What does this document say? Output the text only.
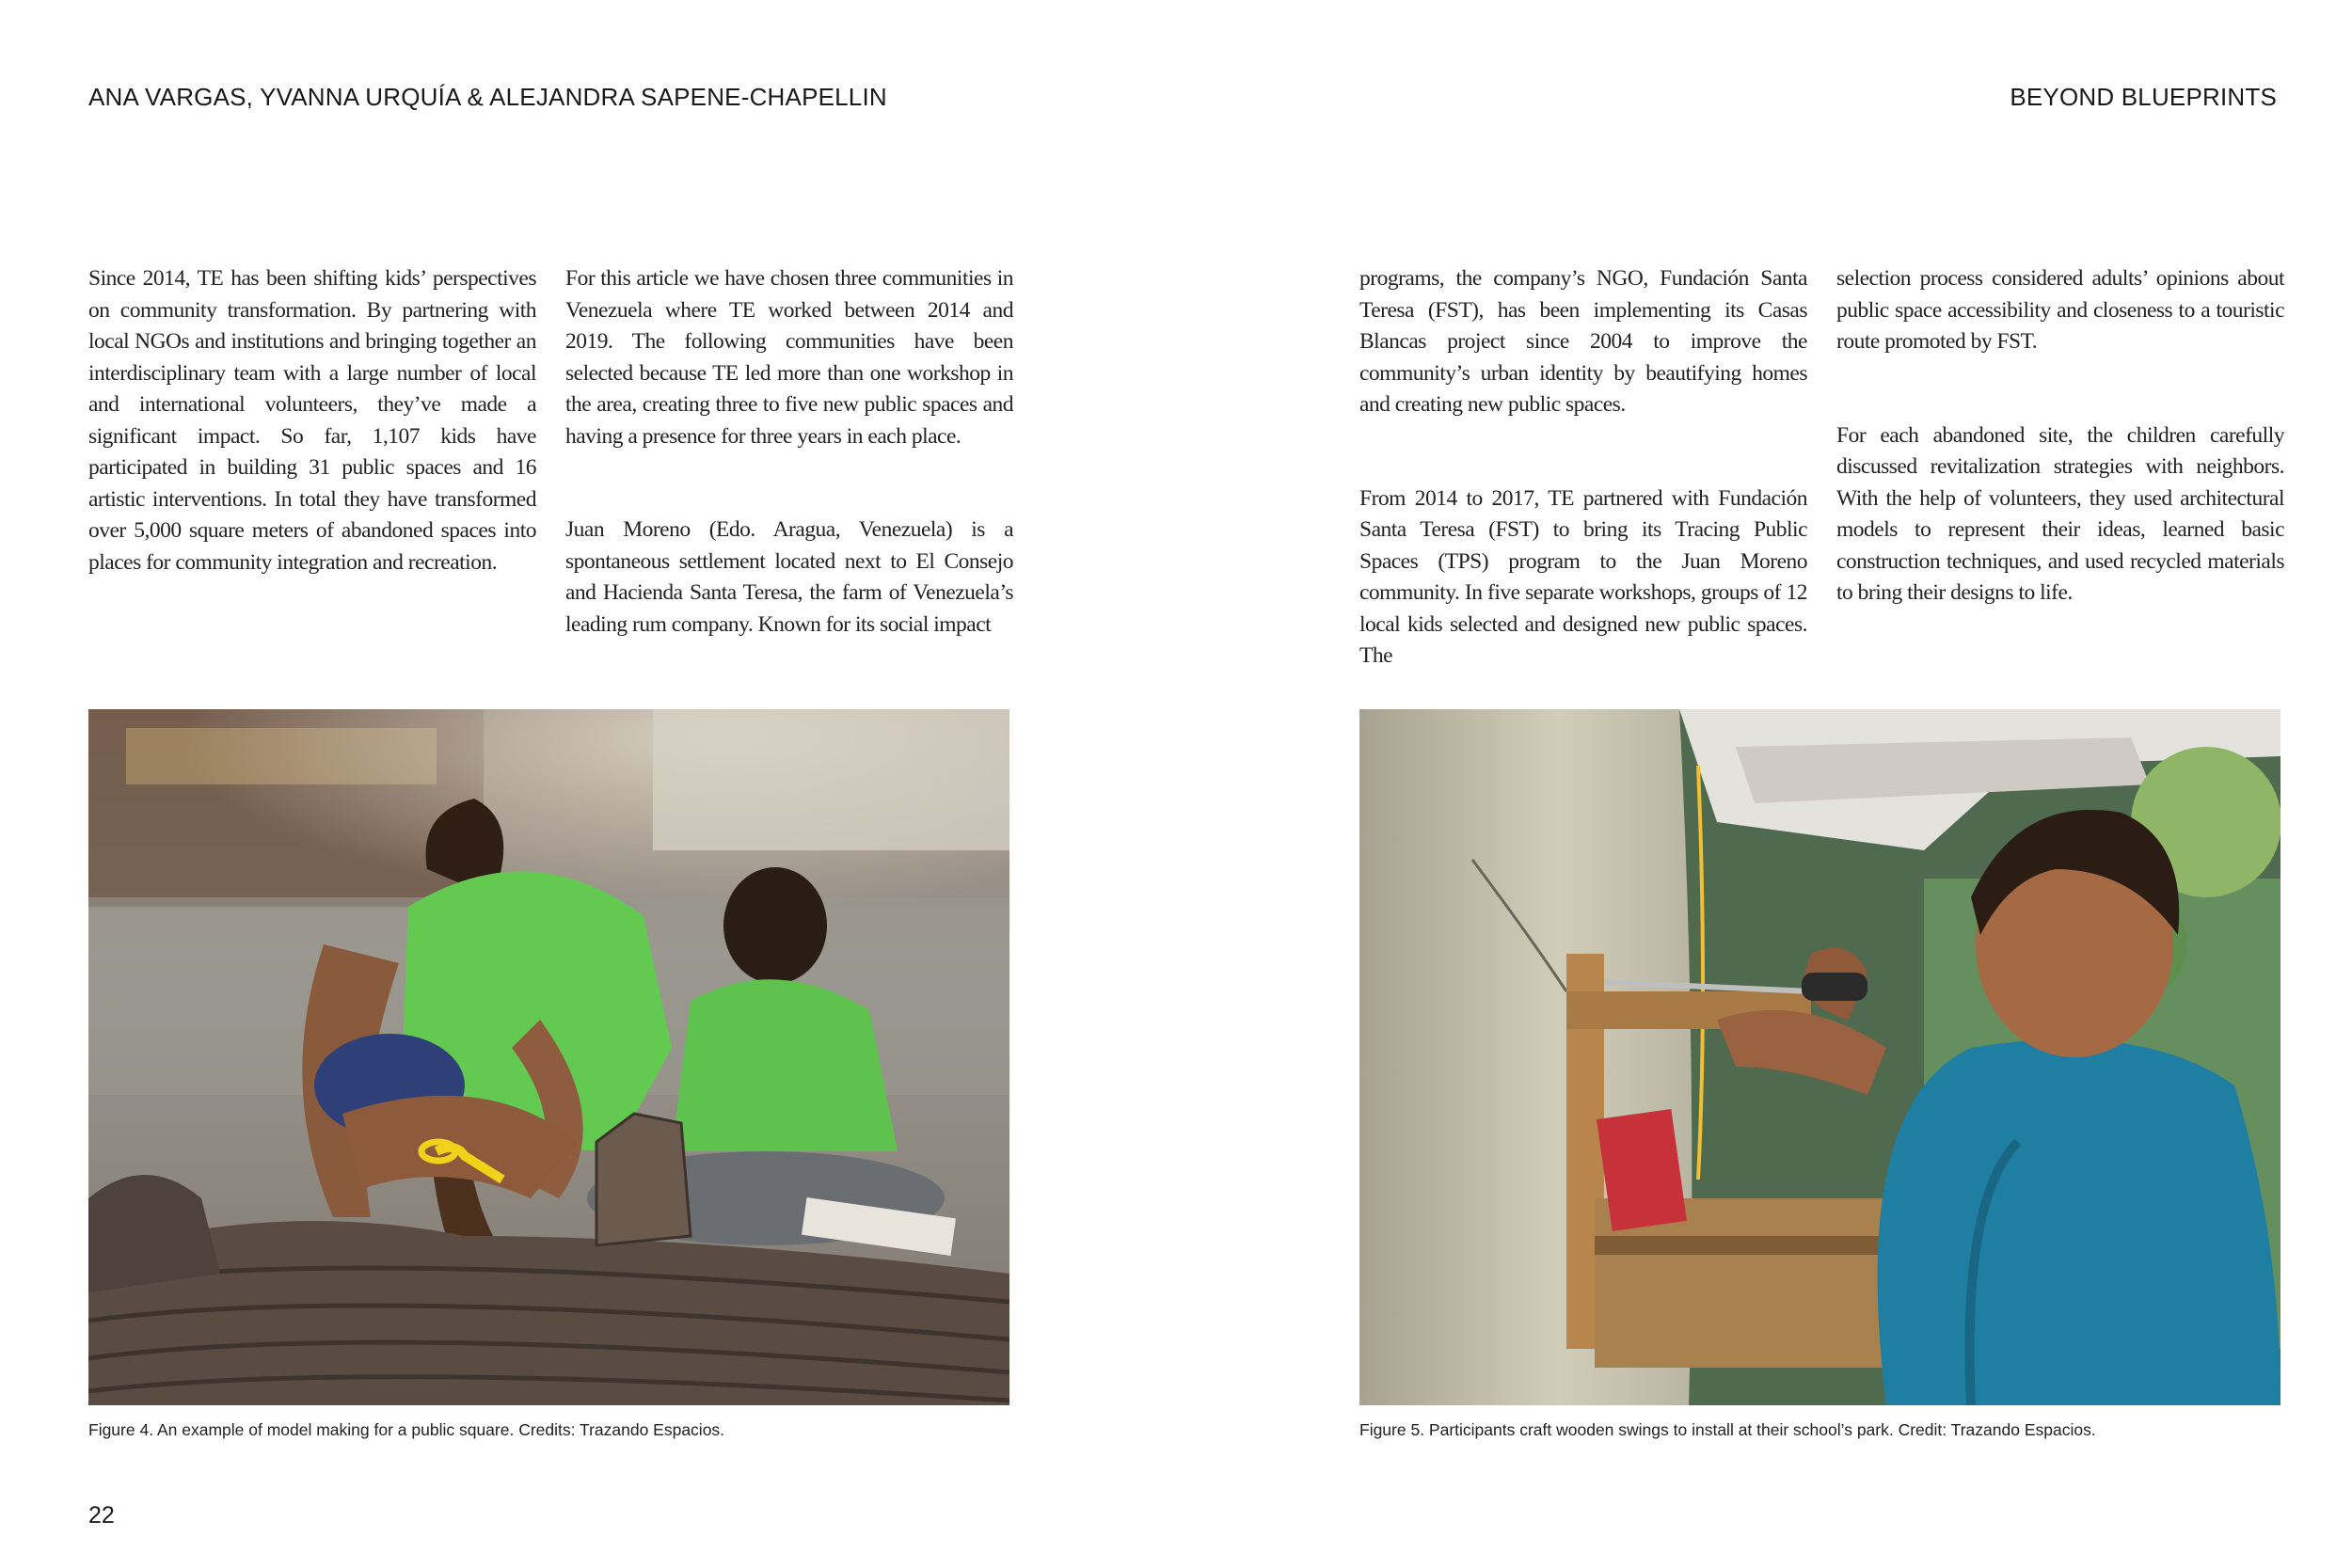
ANA VARGAS, YVANNA URQUÍA & ALEJANDRA SAPENE-CHAPELLIN	BEYOND BLUEPRINTS

Since 2014, TE has been shifting kids’ perspectives on community transformation. By partnering with local NGOs and institutions and bringing together an interdisciplinary team with a large number of local and international volunteers, they’ve made a significant impact. So far, 1,107 kids have participated in building 31 public spaces and 16 artistic interventions. In total they have transformed over 5,000 square meters of abandoned spaces into places for community integration and recreation.

For this article we have chosen three communities in Venezuela where TE worked between 2014 and 2019. The following communities have been selected because TE led more than one workshop in the area, creating three to five new public spaces and having a presence for three years in each place.

Juan Moreno (Edo. Aragua, Venezuela) is a spontaneous settlement located next to El Consejo and Hacienda Santa Teresa, the farm of Venezuela’s leading rum company. Known for its social impact

programs, the company’s NGO, Fundación Santa Teresa (FST), has been implementing its Casas Blancas project since 2004 to improve the community’s urban identity by beautifying homes and creating new public spaces.

From 2014 to 2017, TE partnered with Fundación Santa Teresa (FST) to bring its Tracing Public Spaces (TPS) program to the Juan Moreno community. In five separate workshops, groups of 12 local kids selected and designed new public spaces. The

selection process considered adults’ opinions about public space accessibility and closeness to a touristic route promoted by FST.

For each abandoned site, the children carefully discussed revitalization strategies with neighbors. With the help of volunteers, they used architectural models to represent their ideas, learned basic construction techniques, and used recycled materials to bring their designs to life.

Figure 4. An example of model making for a public square. Credits: Trazando Espacios.	Figure 5. Participants craft wooden swings to install at their school’s park. Credit: Trazando Espacios.
22
